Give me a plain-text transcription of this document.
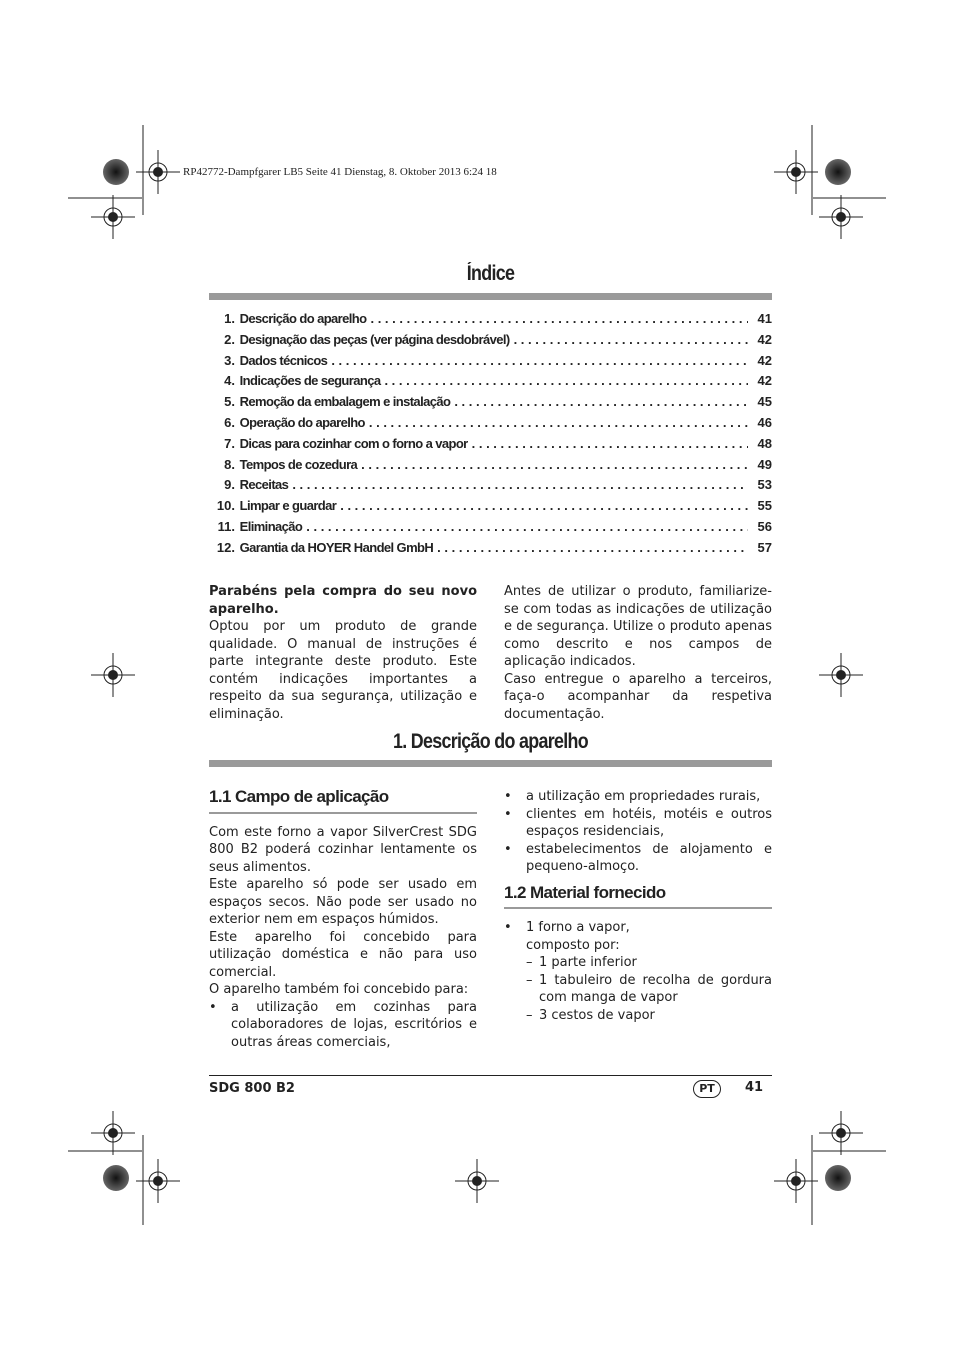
RP42772-Dampfgarer LB5 Seite 41 Dienstag, 8. Oktober 2013 6:24 18
Índice
1.
Descrição do aparelho . . .	41
2.
Designação das peças (ver página desdobrável) . . .	42
3.
Dados técnicos . . .	42
4.
Indicações de segurança . . .	42
5.
Remoção da embalagem e instalação . . .	45
6.
Operação do aparelho . . .	46
7.
Dicas para cozinhar com o forno a vapor . . .	48
8.
Tempos de cozedura . . .	49
9.
Receitas . . .	53
10.
Limpar e guardar . . .	55
11.
Eliminação . . .	56
12.
Garantia da HOYER Handel GmbH . . .	57

Parabéns pela compra do seu novo aparelho.

Optou por um produto de grande qualidade. O manual de instruções é parte integrante deste produto. Este contém indicações importantes a respeito da sua segurança, utilização e eliminação.

Antes de utilizar o produto, familiarize-se com todas as indicações de utilização e de segurança. Utilize o produto apenas como descrito e nos campos de aplicação indicados.

Caso entregue o aparelho a terceiros, faça-o acompanhar da respetiva documentação.

1. Descrição do aparelho
1.1 Campo de aplicação

Com este forno a vapor SilverCrest SDG 800 B2 poderá cozinhar lentamente os seus alimentos.

Este aparelho só pode ser usado em espaços secos. Não pode ser usado no exterior nem em espaços húmidos.

Este aparelho foi concebido para utilização doméstica e não para uso comercial.

O aparelho também foi concebido para:

• a utilização em cozinhas para colaboradores de lojas, escritórios e outras áreas comerciais,
• a utilização em propriedades rurais,
• clientes em hotéis, motéis e outros espaços residenciais,
• estabelecimentos de alojamento e pequeno-almoço.
1.2 Material fornecido
• 1 forno a vapor,
composto por:
– 1 parte inferior
– 1 tabuleiro de recolha de gordura com manga de vapor
– 3 cestos de vapor
SDG 800 B2	PT	41
